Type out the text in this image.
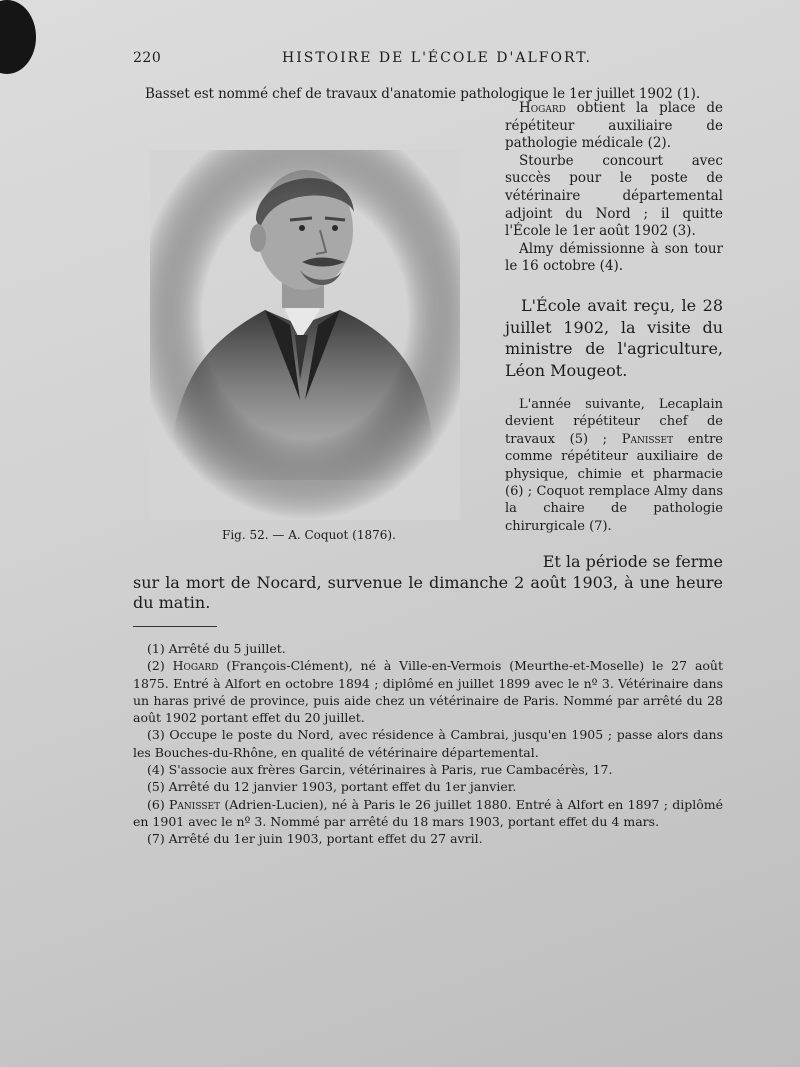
220	HISTOIRE DE L'ÉCOLE D'ALFORT.
Basset est nommé chef de travaux d'anatomie pathologique le 1er juillet 1902 (1).

Hogard obtient la place de répétiteur auxiliaire de pathologie médicale (2).

Stourbe concourt avec succès pour le poste de vétérinaire départemental adjoint du Nord ; il quitte l'École le 1er août 1902 (3).

Almy démissionne à son tour le 16 octobre (4).

L'École avait reçu, le 28 juillet 1902, la visite du ministre de l'agriculture, Léon Mougeot.

L'année suivante, Lecaplain devient répétiteur chef de travaux (5) ; Panisset entre comme répétiteur auxiliaire de physique, chimie et pharmacie (6) ; Coquot remplace Almy dans la chaire de pathologie chirurgicale (7).

Fig. 52. — A. Coquot (1876).
Et la période se ferme
sur la mort de Nocard, survenue le dimanche 2 août 1903, à une heure du matin.

(1) Arrêté du 5 juillet.

(2) Hogard (François-Clément), né à Ville-en-Vermois (Meurthe-et-Moselle) le 27 août 1875. Entré à Alfort en octobre 1894 ; diplômé en juillet 1899 avec le nº 3. Vétérinaire dans un haras privé de province, puis aide chez un vétérinaire de Paris. Nommé par arrêté du 28 août 1902 portant effet du 20 juillet.

(3) Occupe le poste du Nord, avec résidence à Cambrai, jusqu'en 1905 ; passe alors dans les Bouches-du-Rhône, en qualité de vétérinaire départemental.

(4) S'associe aux frères Garcin, vétérinaires à Paris, rue Cambacérès, 17.

(5) Arrêté du 12 janvier 1903, portant effet du 1er janvier.

(6) Panisset (Adrien-Lucien), né à Paris le 26 juillet 1880. Entré à Alfort en 1897 ; diplômé en 1901 avec le nº 3. Nommé par arrêté du 18 mars 1903, portant effet du 4 mars.

(7) Arrêté du 1er juin 1903, portant effet du 27 avril.
